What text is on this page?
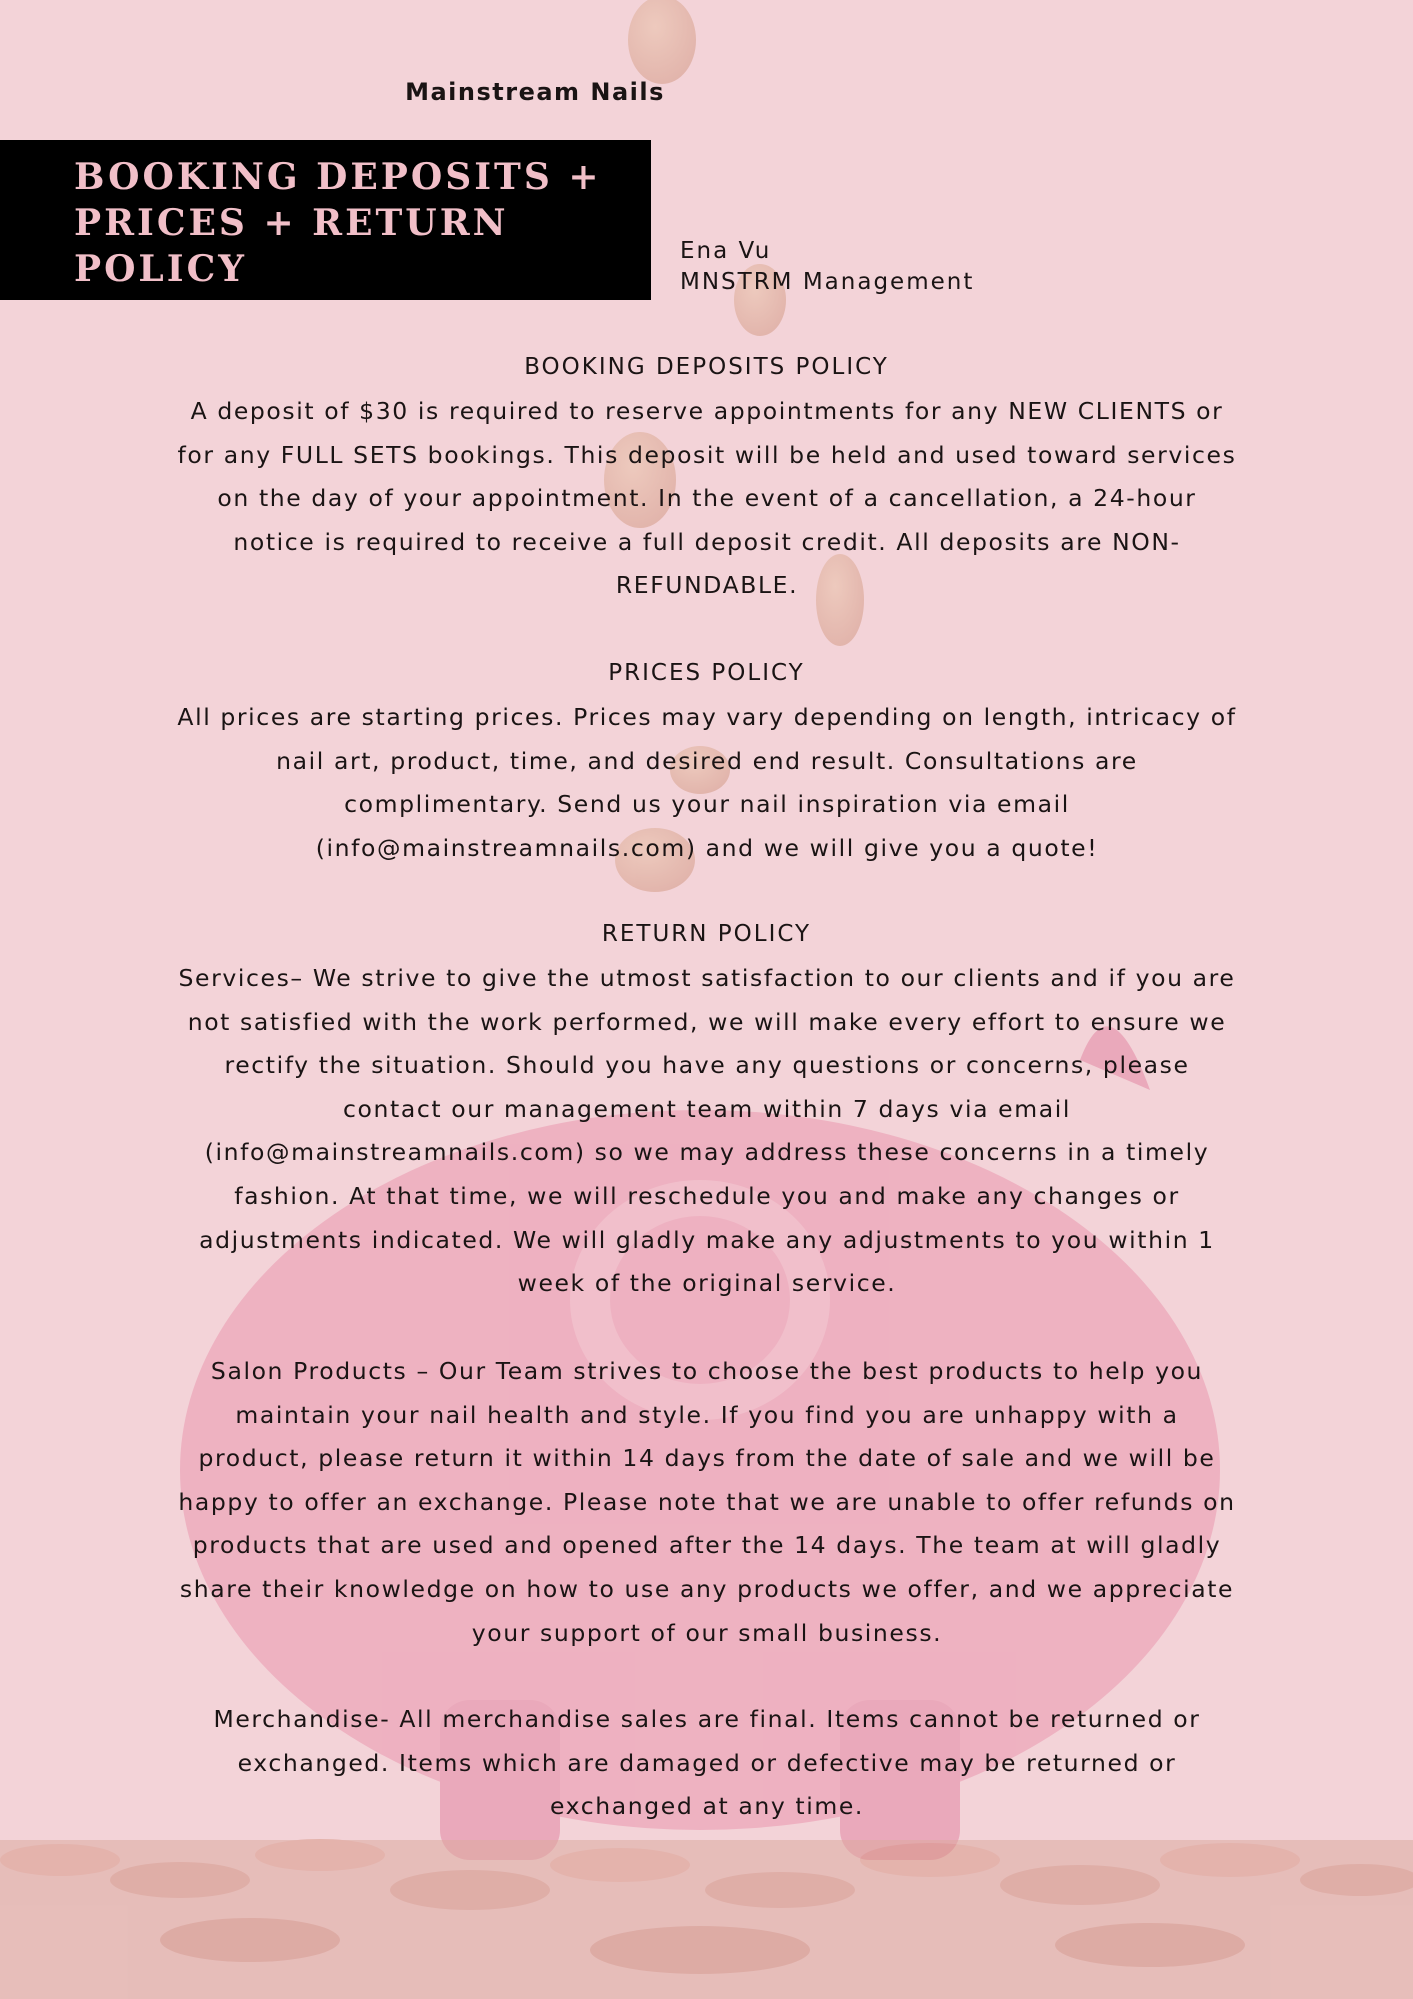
Mainstream Nails
BOOKING DEPOSITS + PRICES + RETURN POLICY	Ena Vu
MNSTRM Management
BOOKING DEPOSITS POLICY
A deposit of $30 is required to reserve appointments for any NEW CLIENTS or for any FULL SETS bookings. This deposit will be held and used toward services on the day of your appointment. In the event of a cancellation, a 24-hour notice is required to receive a full deposit credit. All deposits are NON-REFUNDABLE.
PRICES POLICY
All prices are starting prices. Prices may vary depending on length, intricacy of nail art, product, time, and desired end result. Consultations are complimentary. Send us your nail inspiration via email (info@mainstreamnails.com) and we will give you a quote!
RETURN POLICY
Services– We strive to give the utmost satisfaction to our clients and if you are not satisfied with the work performed, we will make every effort to ensure we rectify the situation. Should you have any questions or concerns, please contact our management team within 7 days via email (info@mainstreamnails.com) so we may address these concerns in a timely fashion. At that time, we will reschedule you and make any changes or adjustments indicated. We will gladly make any adjustments to you within 1 week of the original service.
Salon Products – Our Team strives to choose the best products to help you maintain your nail health and style. If you find you are unhappy with a product, please return it within 14 days from the date of sale and we will be happy to offer an exchange. Please note that we are unable to offer refunds on products that are used and opened after the 14 days. The team at will gladly share their knowledge on how to use any products we offer, and we appreciate your support of our small business.
Merchandise- All merchandise sales are final. Items cannot be returned or exchanged. Items which are damaged or defective may be returned or exchanged at any time.
